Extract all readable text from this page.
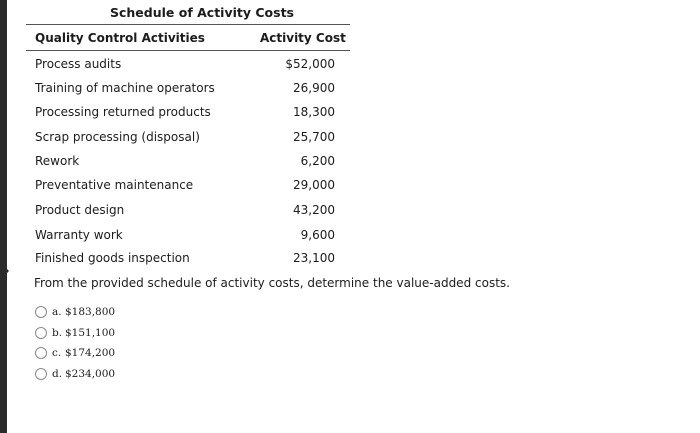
Schedule of Activity Costs
Quality Control Activities	Activity Cost
Process audits	$52,000
Training of machine operators	26,900
Processing returned products	18,300
Scrap processing (disposal)	25,700
Rework	6,200
Preventative maintenance	29,000
Product design	43,200
Warranty work	9,600
Finished goods inspection	23,100
From the provided schedule of activity costs, determine the value-added costs.
a. $183,800
b. $151,100
c. $174,200
d. $234,000
